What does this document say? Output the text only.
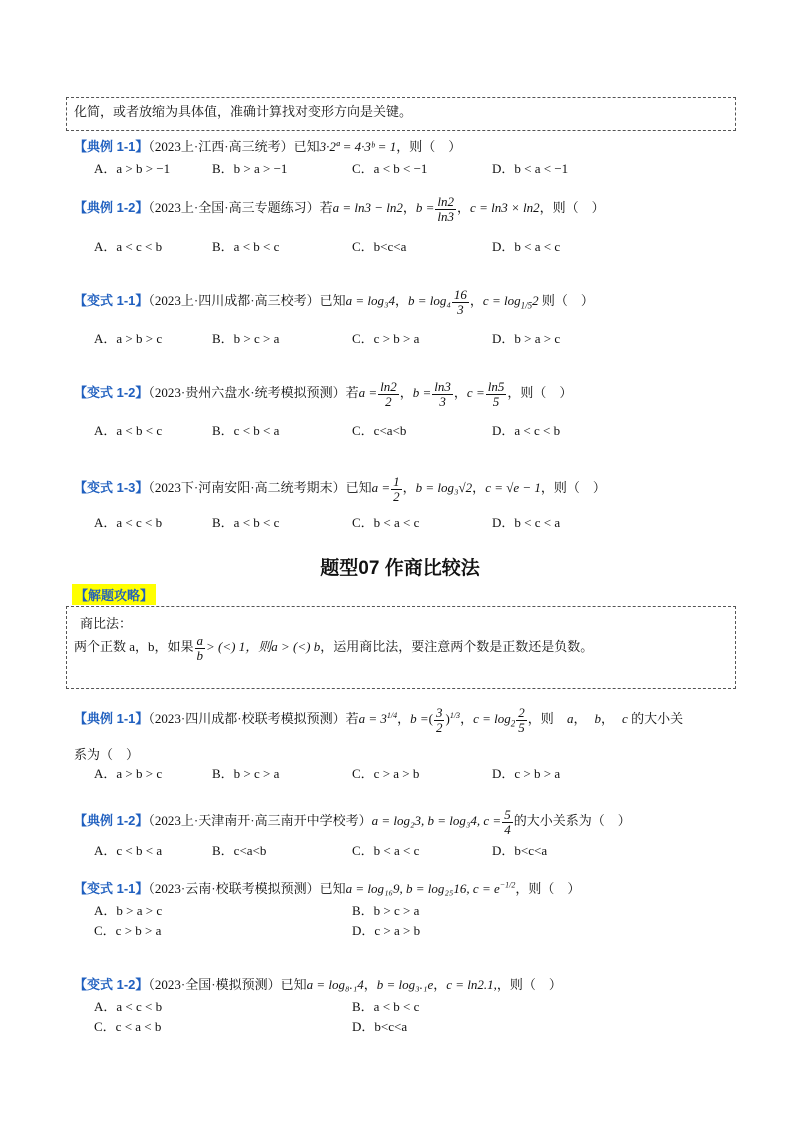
化简，或者放缩为具体值，准确计算找对变形方向是关键。
【典例 1-1】（2023上·江西·高三统考）已知3·2ª = 4·3ᵇ = 1，则（　）
A．a > b > −1	B．b > a > −1	C．a < b < −1	D．b < a < −1
【典例 1-2】（2023上·全国·高三专题练习）若a = ln3 − ln2，$b = \frac{\ln 2}{\ln 3}$ ，c = ln3 × ln2，则（　）
A．a < c < b	B．a < b < c	C．b<c<a	D．b < a < c
【变式 1-1】（2023上·四川成都·高三校考）已知a = log₃4，$b = \log_4 \frac{16}{3}$ ，$c = \log_{1/5}2$ 则（　）
A．a > b > c	B．b > c > a	C．c > b > a	D．b > a > c
【变式 1-2】（2023·贵州六盘水·统考模拟预测）若$a = \frac{\ln 2}{2}$ ，$b = \frac{\ln 3}{3}$ ，$c = \frac{\ln 5}{5}$ ，则（　）
A．a < b < c	B．c < b < a	C．c<a<b	D．a < c < b
【变式 1-3】（2023下·河南安阳·高二统考期末）已知$a = \frac{1}{2}$ ，b = log₃√2，c = √e − 1，则（　）
A．a < c < b	B．a < b < c	C．b < a < c	D．b < c < a
题型07 作商比较法
【解题攻略】
商比法：
两个正数 a，b，如果 $\frac{a}{b}$ > (<) 1，则a > (<) b，运用商比法，要注意两个数是正数还是负数。
【典例 1-1】（2023·四川成都·校联考模拟预测）若$a = 3^{1/4}$，b =( $\frac{3}{2} )^{1/3}$，$c = \log_2 \frac{2}{5}$ ，则 a， b， c 的大小关
系为（　）
A．a > b > c	B．b > c > a	C．c > a > b	D．c > b > a
【典例 1-2】（2023上·天津南开·高三南开中学校考）a = log₂3, b = log₃4, $c = \frac{5}{4}$ 的大小关系为（　）
A．c < b < a	B．c<a<b	C．b < a < c	D．b<c<a
【变式 1-1】（2023·云南·校联考模拟预测）已知a = log₁₆9, b = log₂₅16, $c = e^{-1/2}$，则（　）
A．b > a > c	B．b > c > a
C．c > b > a	D．c > a > b
【变式 1-2】（2023·全国·模拟预测）已知a = log₈.₁4，b = log₃.₁e，c = ln2.1,，则（　）
A．a < c < b	B．a < b < c
C．c < a < b	D．b<c<a
